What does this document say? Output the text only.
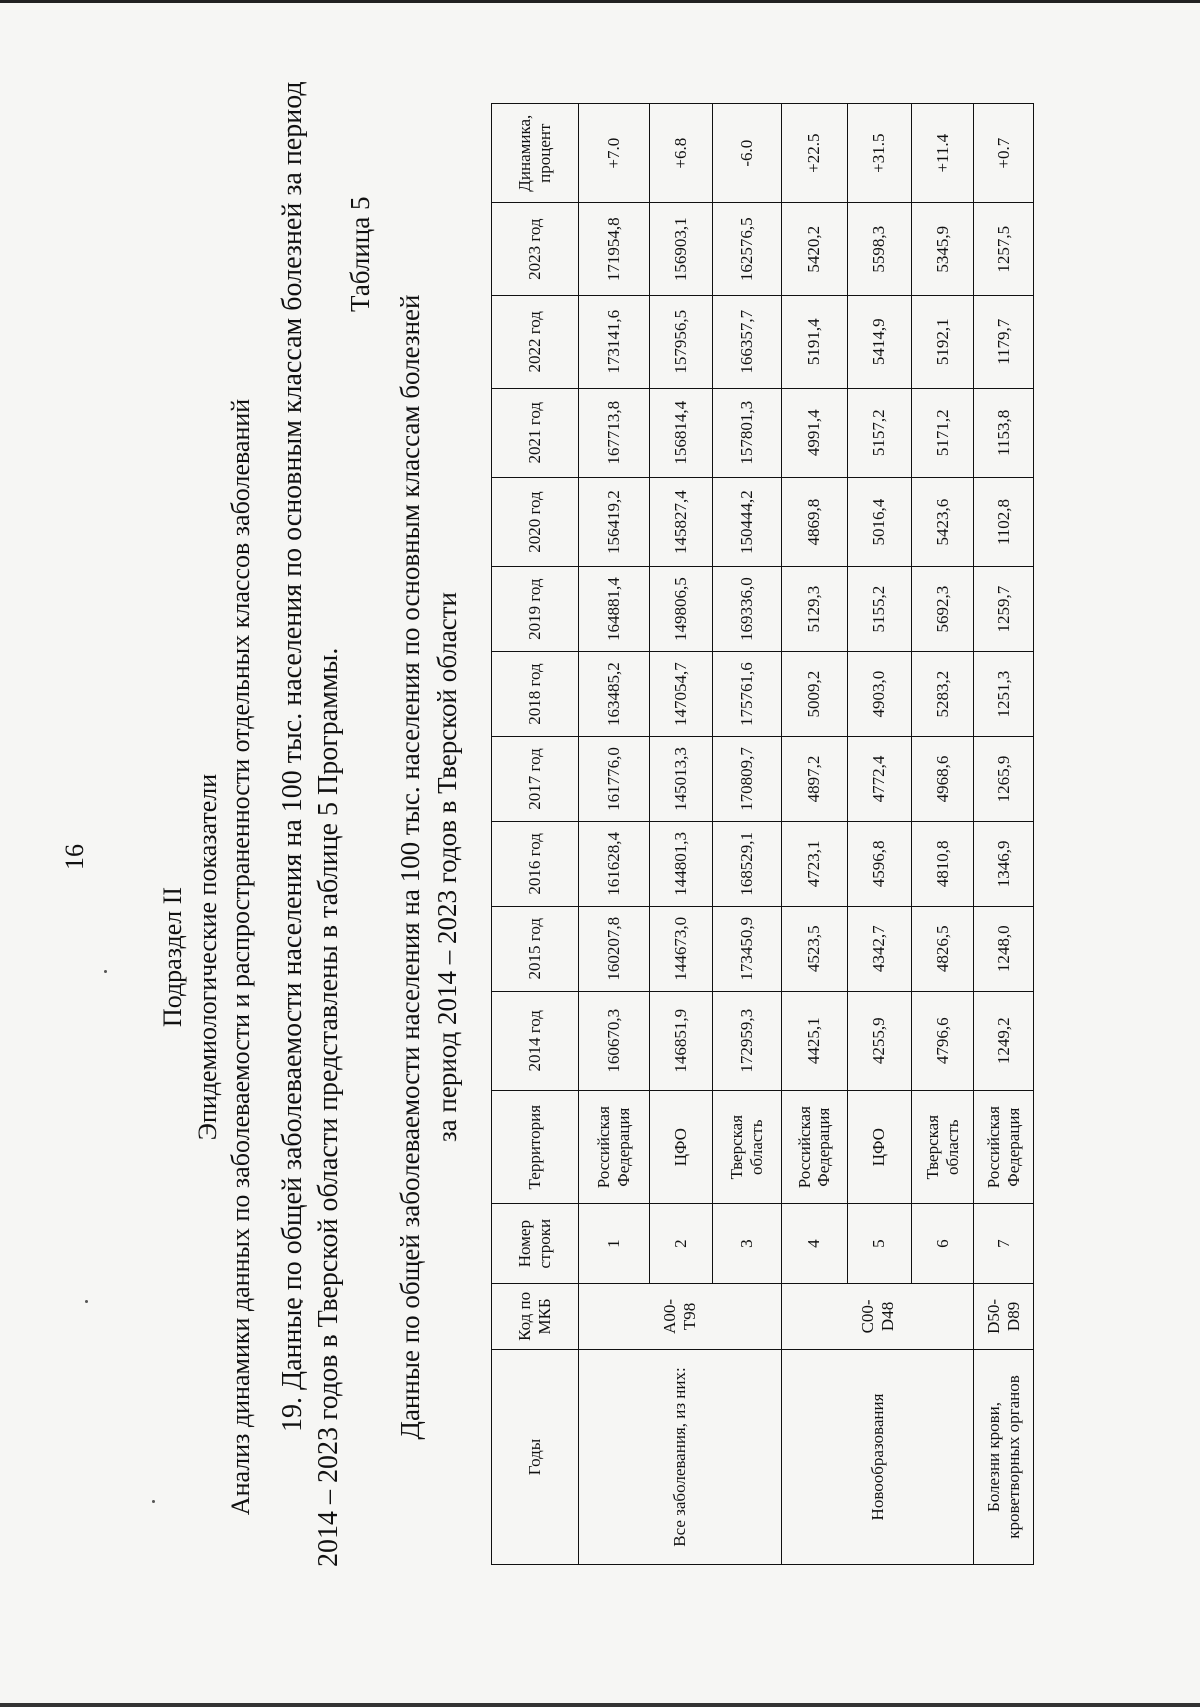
16
Подраздел II Эпидемиологические показатели Анализ динамики данных по заболеваемости и распространенности отдельных классов заболеваний 19. Данные по общей заболеваемости населения на 100 тыс. населения по основным классам болезней за период 2014 – 2023 годов в Тверской области представлены в таблице 5 Программы.
Таблица 5
Данные по общей заболеваемости населения на 100 тыс. населения по основным классам болезней за период 2014 – 2023 годов в Тверской области
Годы	Код по МКБ	Номер строки	Территория	2014 год	2015 год	2016 год	2017 год	2018 год	2019 год	2020 год	2021 год	2022 год	2023 год	Динамика, процент
Все заболевания, из них:	А00-Т98	1	Российская Федерация	160670,3	160207,8	161628,4	161776,0	163485,2	164881,4	156419,2	167713,8	173141,6	171954,8	+7.0
		2	ЦФО	146851,9	144673,0	144801,3	145013,3	147054,7	149806,5	145827,4	156814,4	157956,5	156903,1	+6.8
		3	Тверская область	172959,3	173450,9	168529,1	170809,7	175761,6	169336,0	150444,2	157801,3	166357,7	162576,5	-6.0
Новообразования	С00-D48	4	Российская Федерация	4425,1	4523,5	4723,1	4897,2	5009,2	5129,3	4869,8	4991,4	5191,4	5420,2	+22.5
		5	ЦФО	4255,9	4342,7	4596,8	4772,4	4903,0	5155,2	5016,4	5157,2	5414,9	5598,3	+31.5
		6	Тверская область	4796,6	4826,5	4810,8	4968,6	5283,2	5692,3	5423,6	5171,2	5192,1	5345,9	+11.4
Болезни крови, кроветворных органов	D50-D89	7	Российская Федерация	1249,2	1248,0	1346,9	1265,9	1251,3	1259,7	1102,8	1153,8	1179,7	1257,5	+0.7
